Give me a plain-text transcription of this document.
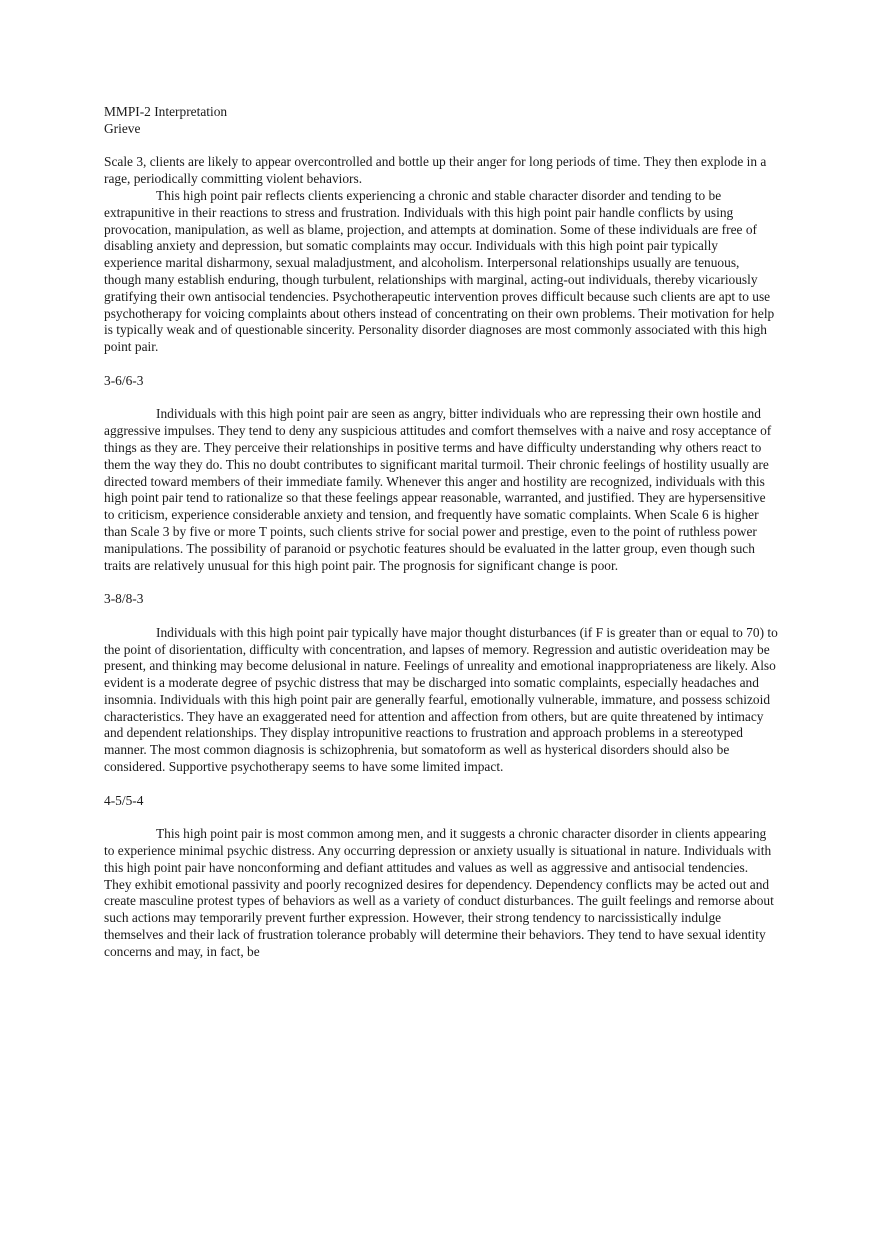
MMPI-2 Interpretation

Grieve

Scale 3, clients are likely to appear overcontrolled and bottle up their anger for long periods of time. They then explode in a rage, periodically committing violent behaviors.

This high point pair reflects clients experiencing a chronic and stable character disorder and tending to be extrapunitive in their reactions to stress and frustration. Individuals with this high point pair handle conflicts by using provocation, manipulation, as well as blame, projection, and attempts at domination. Some of these individuals are free of disabling anxiety and depression, but somatic complaints may occur. Individuals with this high point pair typically experience marital disharmony, sexual maladjustment, and alcoholism. Interpersonal relationships usually are tenuous, though many establish enduring, though turbulent, relationships with marginal, acting-out individuals, thereby vicariously gratifying their own antisocial tendencies. Psychotherapeutic intervention proves difficult because such clients are apt to use psychotherapy for voicing complaints about others instead of concentrating on their own problems. Their motivation for help is typically weak and of questionable sincerity. Personality disorder diagnoses are most commonly associated with this high point pair.

3-6/6-3

Individuals with this high point pair are seen as angry, bitter individuals who are repressing their own hostile and aggressive impulses. They tend to deny any suspicious attitudes and comfort themselves with a naive and rosy acceptance of things as they are. They perceive their relationships in positive terms and have difficulty understanding why others react to them the way they do. This no doubt contributes to significant marital turmoil. Their chronic feelings of hostility usually are directed toward members of their immediate family. Whenever this anger and hostility are recognized, individuals with this high point pair tend to rationalize so that these feelings appear reasonable, warranted, and justified. They are hypersensitive to criticism, experience considerable anxiety and tension, and frequently have somatic complaints. When Scale 6 is higher than Scale 3 by five or more T points, such clients strive for social power and prestige, even to the point of ruthless power manipulations. The possibility of paranoid or psychotic features should be evaluated in the latter group, even though such traits are relatively unusual for this high point pair. The prognosis for significant change is poor.

3-8/8-3

Individuals with this high point pair typically have major thought disturbances (if F is greater than or equal to 70) to the point of disorientation, difficulty with concentration, and lapses of memory. Regression and autistic overideation may be present, and thinking may become delusional in nature. Feelings of unreality and emotional inappropriateness are likely. Also evident is a moderate degree of psychic distress that may be discharged into somatic complaints, especially headaches and insomnia. Individuals with this high point pair are generally fearful, emotionally vulnerable, immature, and possess schizoid characteristics. They have an exaggerated need for attention and affection from others, but are quite threatened by intimacy and dependent relationships. They display intropunitive reactions to frustration and approach problems in a stereotyped manner. The most common diagnosis is schizophrenia, but somatoform as well as hysterical disorders should also be considered. Supportive psychotherapy seems to have some limited impact.

4-5/5-4

This high point pair is most common among men, and it suggests a chronic character disorder in clients appearing to experience minimal psychic distress. Any occurring depression or anxiety usually is situational in nature. Individuals with this high point pair have nonconforming and defiant attitudes and values as well as aggressive and antisocial tendencies. They exhibit emotional passivity and poorly recognized desires for dependency. Dependency conflicts may be acted out and create masculine protest types of behaviors as well as a variety of conduct disturbances. The guilt feelings and remorse about such actions may temporarily prevent further expression. However, their strong tendency to narcissistically indulge themselves and their lack of frustration tolerance probably will determine their behaviors. They tend to have sexual identity concerns and may, in fact, be
